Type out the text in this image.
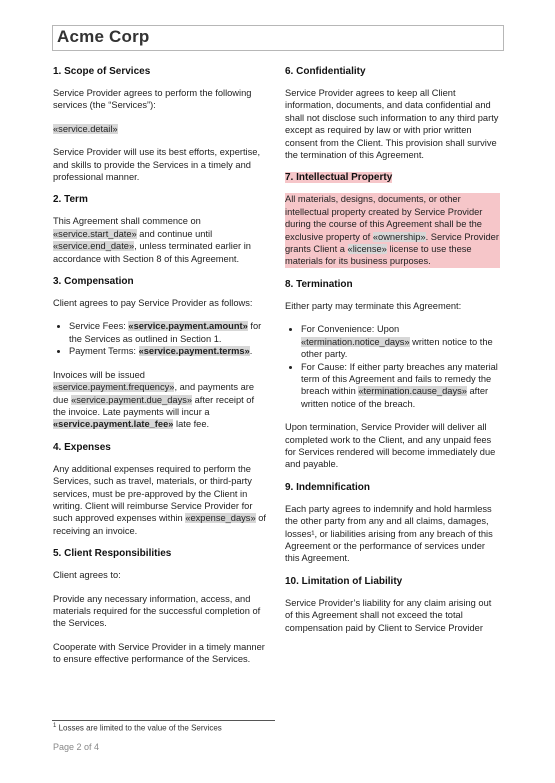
Acme Corp
1. Scope of Services

Service Provider agrees to perform the following services (the “Services”):

«service.detail»

Service Provider will use its best efforts, expertise, and skills to provide the Services in a timely and professional manner.

2. Term

This Agreement shall commence on «service.start_date» and continue until «service.end_date», unless terminated earlier in accordance with Section 8 of this Agreement.

3. Compensation

Client agrees to pay Service Provider as follows:

• Service Fees: «service.payment.amount» for the Services as outlined in Section 1.
• Payment Terms: «service.payment.terms».

Invoices will be issued «service.payment.frequency», and payments are due «service.payment.due_days» after receipt of the invoice. Late payments will incur a «service.payment.late_fee» late fee.

4. Expenses

Any additional expenses required to perform the Services, such as travel, materials, or third-party services, must be pre-approved by the Client in writing. Client will reimburse Service Provider for such approved expenses within «expense_days» of receiving an invoice.

5. Client Responsibilities

Client agrees to:

Provide any necessary information, access, and materials required for the successful completion of the Services.

Cooperate with Service Provider in a timely manner to ensure effective performance of the Services.

6. Confidentiality

Service Provider agrees to keep all Client information, documents, and data confidential and shall not disclose such information to any third party except as required by law or with prior written consent from the Client. This provision shall survive the termination of this Agreement.

7. Intellectual Property

All materials, designs, documents, or other intellectual property created by Service Provider during the course of this Agreement shall be the exclusive property of «ownership». Service Provider grants Client a «license» license to use these materials for its business purposes.

8. Termination

Either party may terminate this Agreement:

• For Convenience: Upon «termination.notice_days» written notice to the other party.
• For Cause: If either party breaches any material term of this Agreement and fails to remedy the breach within «termination.cause_days» after written notice of the breach.

Upon termination, Service Provider will deliver all completed work to the Client, and any unpaid fees for Services rendered will become immediately due and payable.

9. Indemnification

Each party agrees to indemnify and hold harmless the other party from any and all claims, damages, losses¹, or liabilities arising from any breach of this Agreement or the performance of services under this Agreement.

10. Limitation of Liability

Service Provider’s liability for any claim arising out of this Agreement shall not exceed the total compensation paid by Client to Service Provider

$^1$ Losses are limited to the value of the Services
Page 2 of 4
